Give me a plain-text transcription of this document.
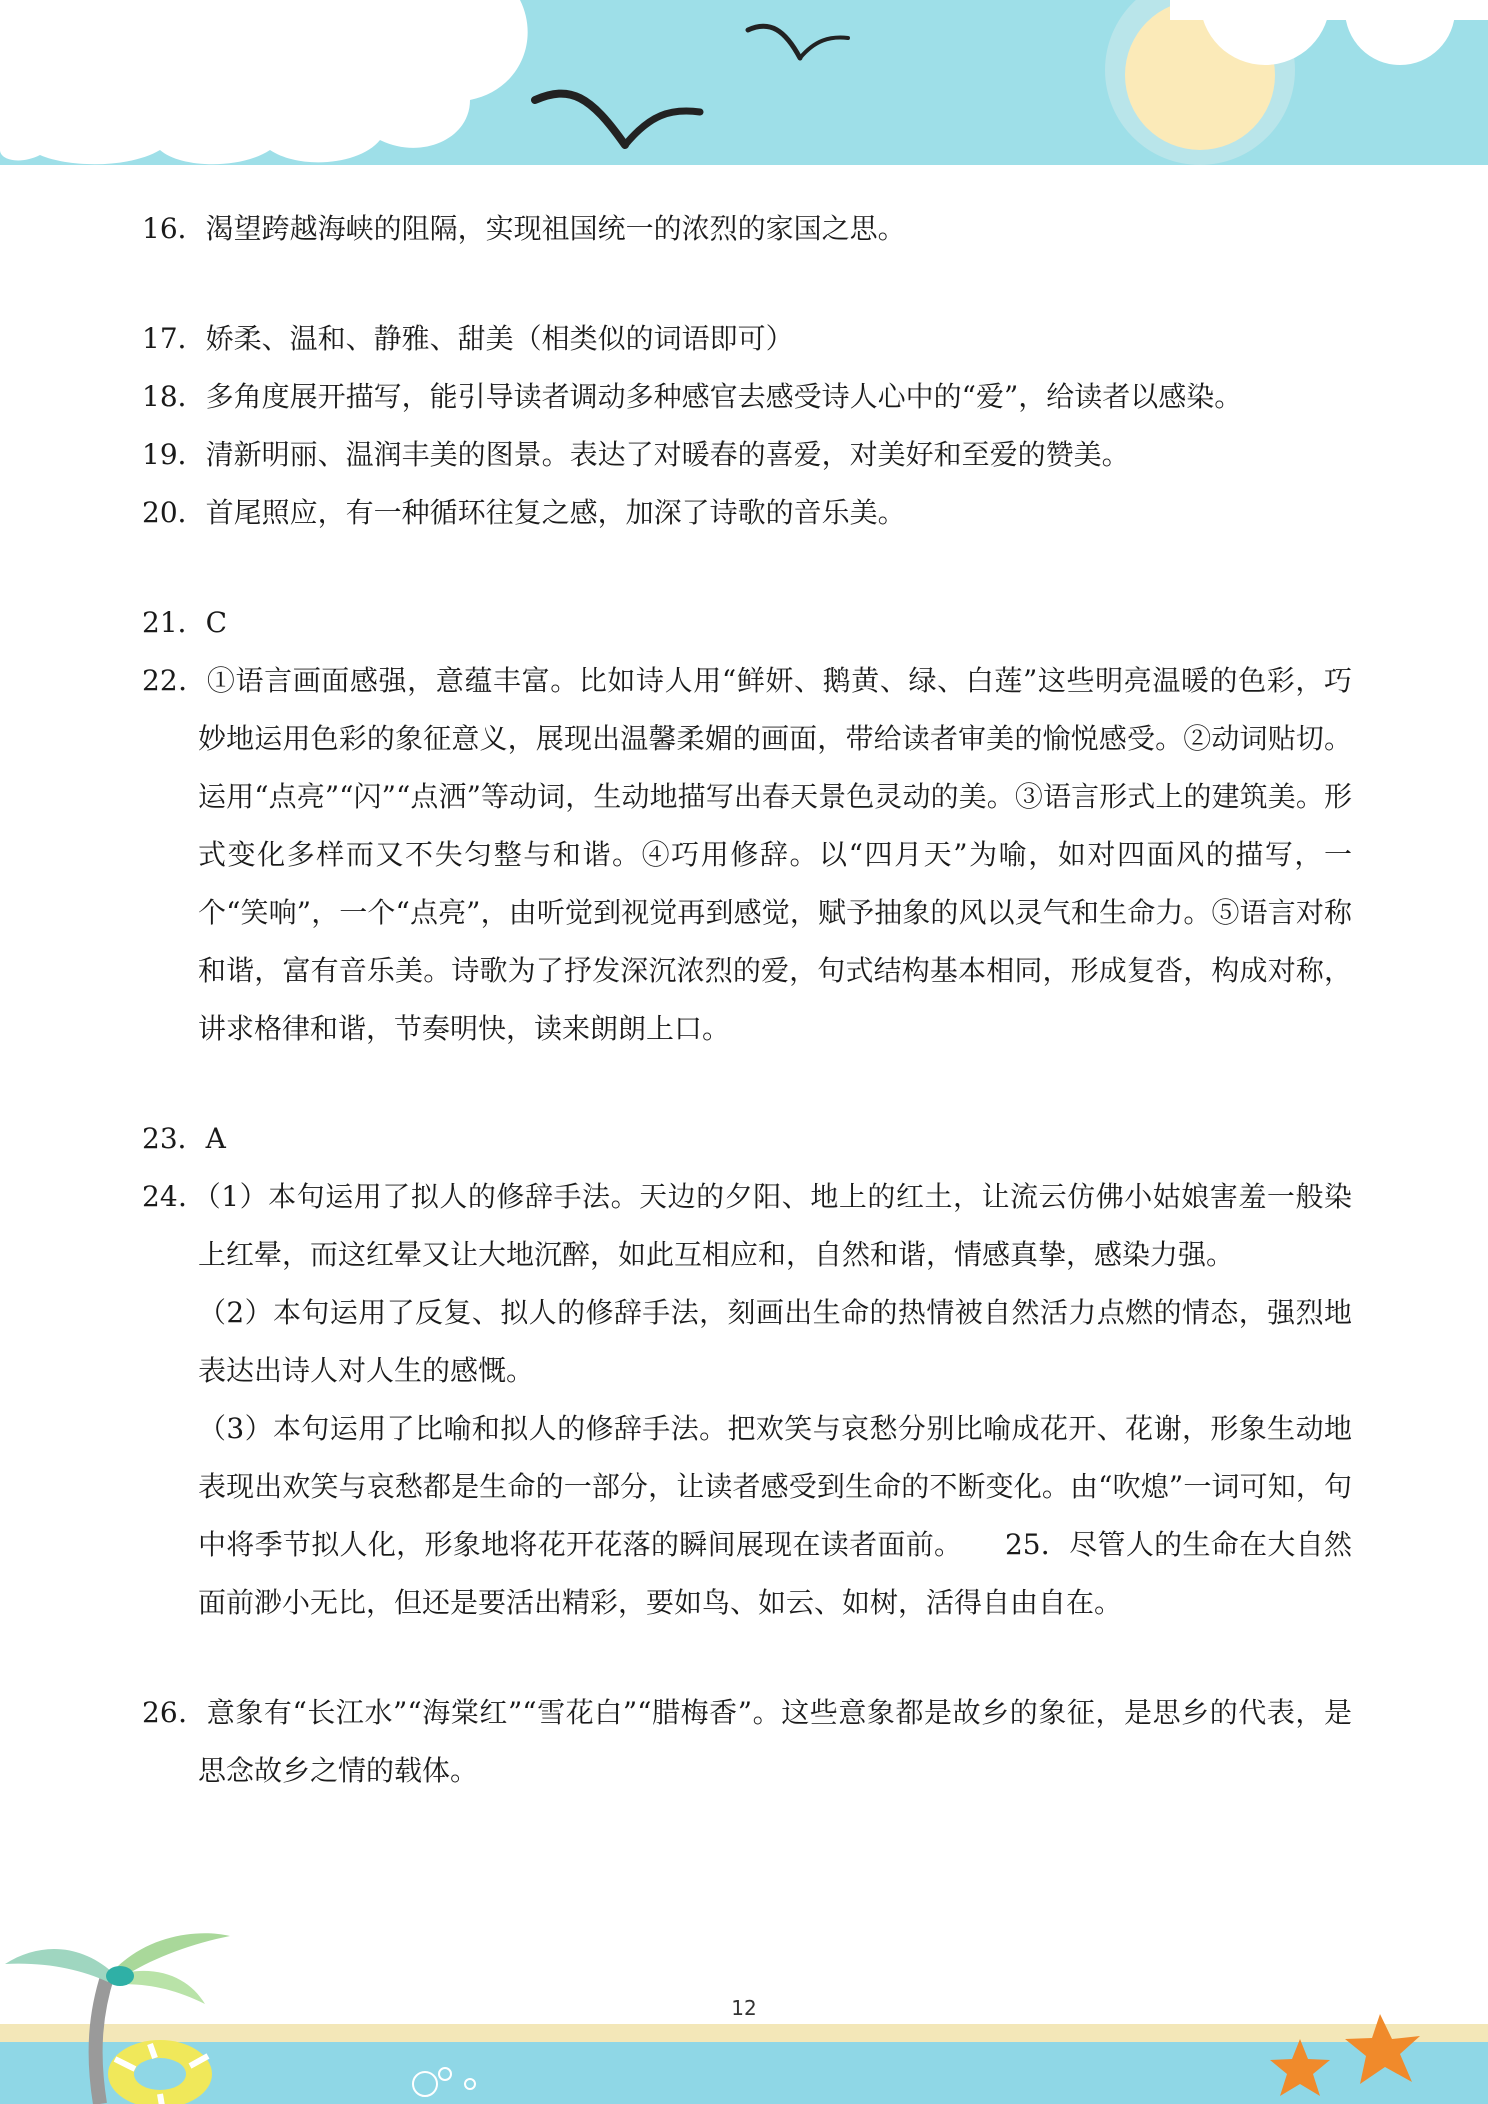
16．渴望跨越海峡的阻隔，实现祖国统一的浓烈的家国之思。

17．娇柔、温和、静雅、甜美（相类似的词语即可）

18．多角度展开描写，能引导读者调动多种感官去感受诗人心中的“爱”，给读者以感染。

19．清新明丽、温润丰美的图景。表达了对暖春的喜爱，对美好和至爱的赞美。

20．首尾照应，有一种循环往复之感，加深了诗歌的音乐美。

21．C

22．①语言画面感强，意蕴丰富。比如诗人用“鲜妍、鹅黄、绿、白莲”这些明亮温暖的色彩，巧妙地运用色彩的象征意义，展现出温馨柔媚的画面，带给读者审美的愉悦感受。②动词贴切。运用“点亮”“闪”“点洒”等动词，生动地描写出春天景色灵动的美。③语言形式上的建筑美。形式变化多样而又不失匀整与和谐。④巧用修辞。以“四月天”为喻，如对四面风的描写，一个“笑响”，一个“点亮”，由听觉到视觉再到感觉，赋予抽象的风以灵气和生命力。⑤语言对称和谐，富有音乐美。诗歌为了抒发深沉浓烈的爱，句式结构基本相同，形成复沓，构成对称，讲求格律和谐，节奏明快，读来朗朗上口。

23．A

24．（1）本句运用了拟人的修辞手法。天边的夕阳、地上的红土，让流云仿佛小姑娘害羞一般染上红晕，而这红晕又让大地沉醉，如此互相应和，自然和谐，情感真挚，感染力强。

（2）本句运用了反复、拟人的修辞手法，刻画出生命的热情被自然活力点燃的情态，强烈地表达出诗人对人生的感慨。

（3）本句运用了比喻和拟人的修辞手法。把欢笑与哀愁分别比喻成花开、花谢，形象生动地表现出欢笑与哀愁都是生命的一部分，让读者感受到生命的不断变化。由“吹熄”一词可知，句中将季节拟人化，形象地将花开花落的瞬间展现在读者面前。　　25．尽管人的生命在大自然面前渺小无比，但还是要活出精彩，要如鸟、如云、如树，活得自由自在。

26．意象有“长江水”“海棠红”“雪花白”“腊梅香”。这些意象都是故乡的象征，是思乡的代表，是思念故乡之情的载体。

12
